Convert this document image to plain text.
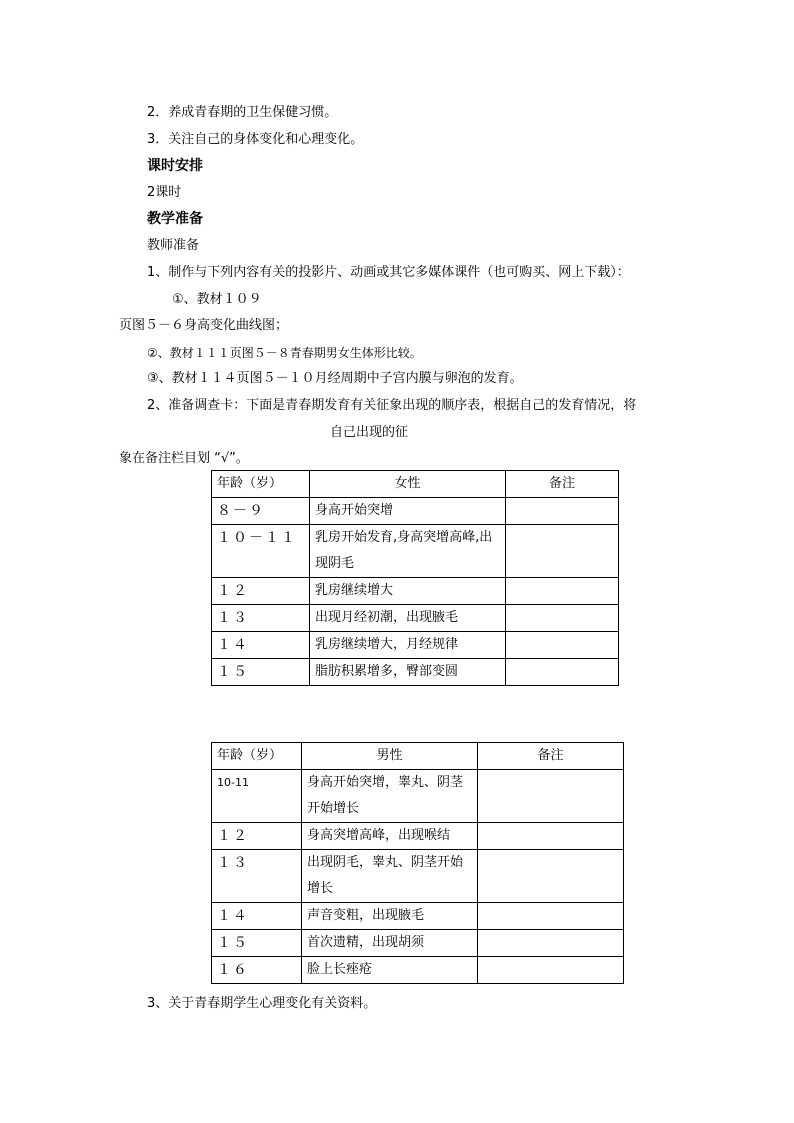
2．养成青春期的卫生保健习惯。
3．关注自己的身体变化和心理变化。
课时安排
2课时
教学准备
教师准备
1、制作与下列内容有关的投影片、动画或其它多媒体课件（也可购买、网上下载）：
①、教材１０９
页图５－６身高变化曲线图；
②、教材１１１页图５－８青春期男女生体形比较。
③、教材１１４页图５－１０月经周期中子宫内膜与卵泡的发育。
2、准备调查卡：下面是青春期发育有关征象出现的顺序表，根据自己的发育情况，将
自己出现的征
象在备注栏目划 “√”。
年龄（岁）	女性	备注
８－９	身高开始突增	
１０－１１	乳房开始发育,身高突增高峰,出现阴毛	
１２	乳房继续增大	
１３	出现月经初潮，出现腋毛	
１４	乳房继续增大，月经规律	
１５	脂肪积累增多，臀部变圆	
年龄（岁）	男性	备注
10-11	身高开始突增，睾丸、阴茎开始增长	
１２	身高突增高峰，出现喉结	
１３	出现阴毛，睾丸、阴茎开始增长	
１４	声音变粗，出现腋毛	
１５	首次遗精，出现胡须	
１６	脸上长痤疮	
3、关于青春期学生心理变化有关资料。
